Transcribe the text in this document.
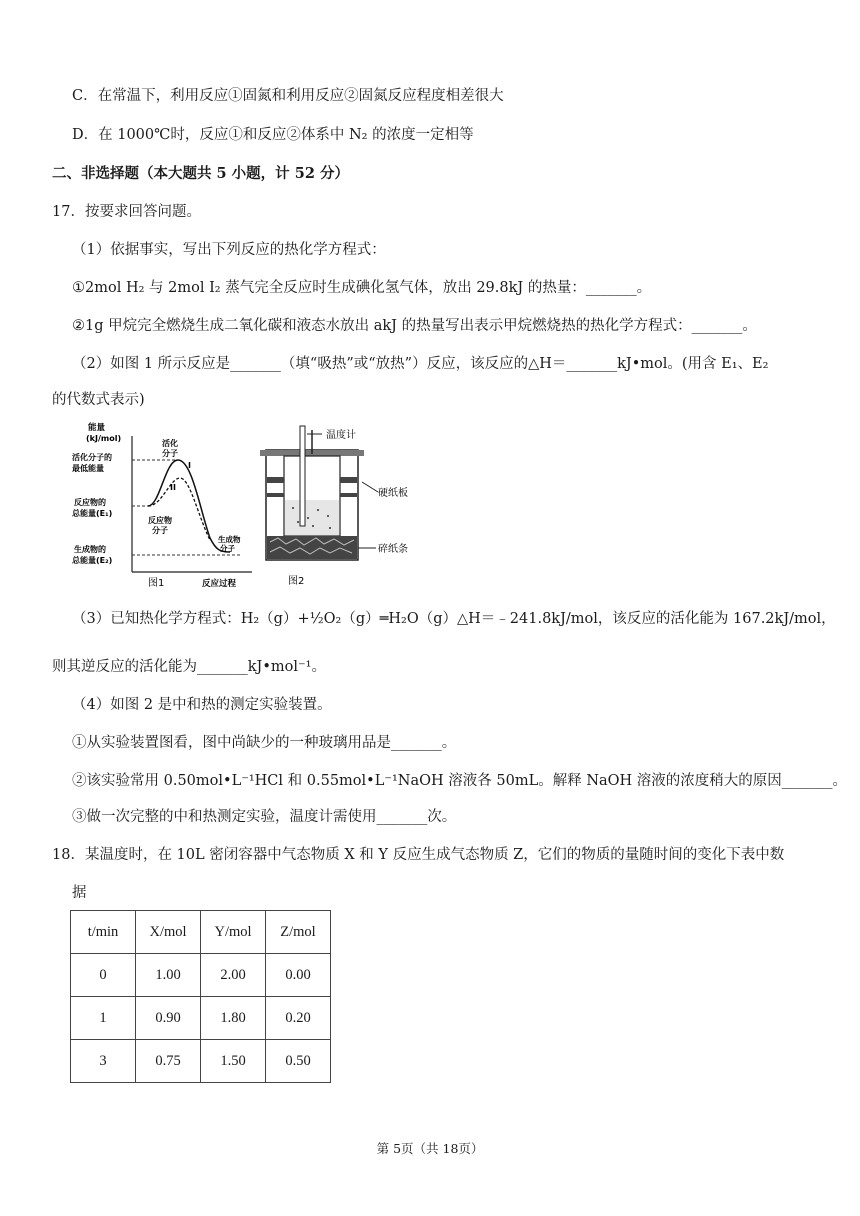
C．在常温下，利用反应①固氮和利用反应②固氮反应程度相差很大
D．在 1000℃时，反应①和反应②体系中 N₂ 的浓度一定相等
二、非选择题（本大题共 5 小题，计 52 分）
17．按要求回答问题。
（1）依据事实，写出下列反应的热化学方程式：
①2mol H₂ 与 2mol I₂ 蒸气完全反应时生成碘化氢气体，放出 29.8kJ 的热量：_______。
②1g 甲烷完全燃烧生成二氧化碳和液态水放出 akJ 的热量写出表示甲烷燃烧热的热化学方程式：_______。
（2）如图 1 所示反应是_______（填“吸热”或“放热”）反应，该反应的△H＝_______kJ•mol。(用含 E₁、E₂
的代数式表示)
能量
(kJ/mol)
活化分子的
最低能量
反应物的
总能量(E₁)
生成物的
总能量(E₂)
活化
分子
I
II
反应物
分子
生成物
分子
图1	反应过程
温度计
硬纸板
碎纸条
图2
（3）已知热化学方程式：H₂（g）+½O₂（g）═H₂O（g）△H＝﹣241.8kJ/mol，该反应的活化能为 167.2kJ/mol，
则其逆反应的活化能为_______kJ•mol⁻¹。
（4）如图 2 是中和热的测定实验装置。
①从实验装置图看，图中尚缺少的一种玻璃用品是_______。
②该实验常用 0.50mol•L⁻¹HCl 和 0.55mol•L⁻¹NaOH 溶液各 50mL。解释 NaOH 溶液的浓度稍大的原因_______。
③做一次完整的中和热测定实验，温度计需使用_______次。
18．某温度时，在 10L 密闭容器中气态物质 X 和 Y 反应生成气态物质 Z，它们的物质的量随时间的变化下表中数
据
t/min	X/mol	Y/mol	Z/mol
0	1.00	2.00	0.00
1	0.90	1.80	0.20
3	0.75	1.50	0.50
第 5页（共 18页）
